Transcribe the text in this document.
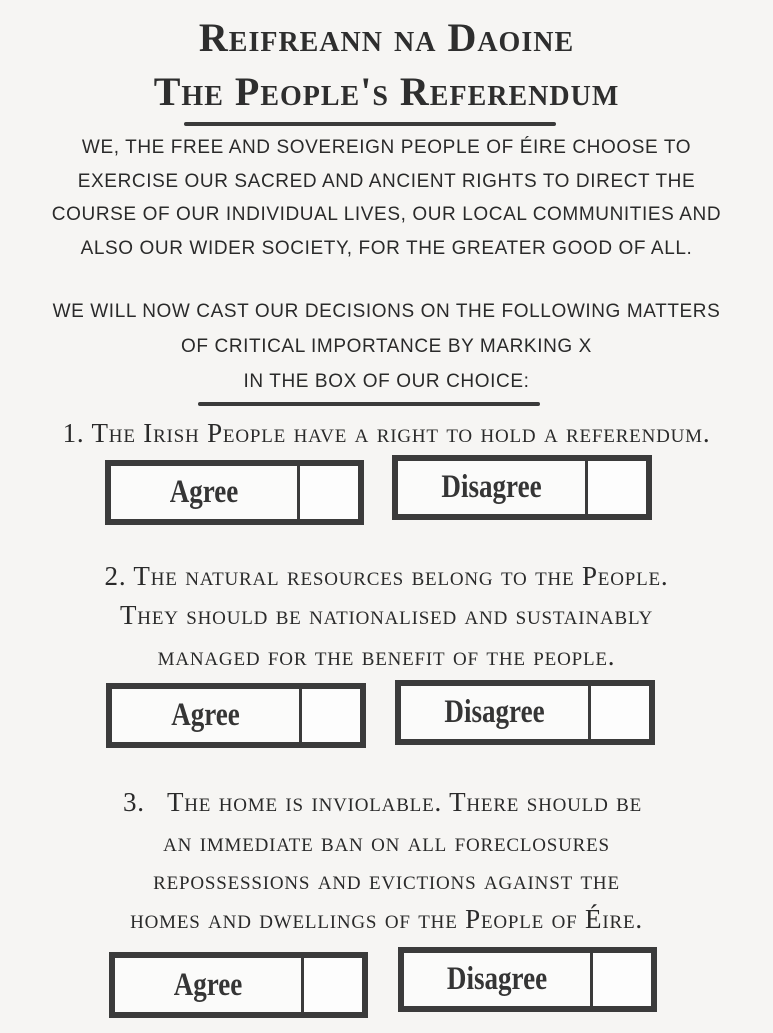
Reifreann na Daoine
The People's Referendum
WE, THE FREE AND SOVEREIGN PEOPLE OF ÉIRE CHOOSE TO
EXERCISE OUR SACRED AND ANCIENT RIGHTS TO DIRECT THE
COURSE OF OUR INDIVIDUAL LIVES, OUR LOCAL COMMUNITIES AND
ALSO OUR WIDER SOCIETY, FOR THE GREATER GOOD OF ALL.
WE WILL NOW CAST OUR DECISIONS ON THE FOLLOWING MATTERS
OF CRITICAL IMPORTANCE BY MARKING X
IN THE BOX OF OUR CHOICE:
1. The Irish People have a right to hold a referendum.
Agree	Disagree
2. The natural resources belong to the People.
They should be nationalised and sustainably
managed for the benefit of the people.
Agree	Disagree
3.   The home is inviolable. There should be
an immediate ban on all foreclosures
repossessions and evictions against the
homes and dwellings of the People of Éire.
Agree	Disagree
